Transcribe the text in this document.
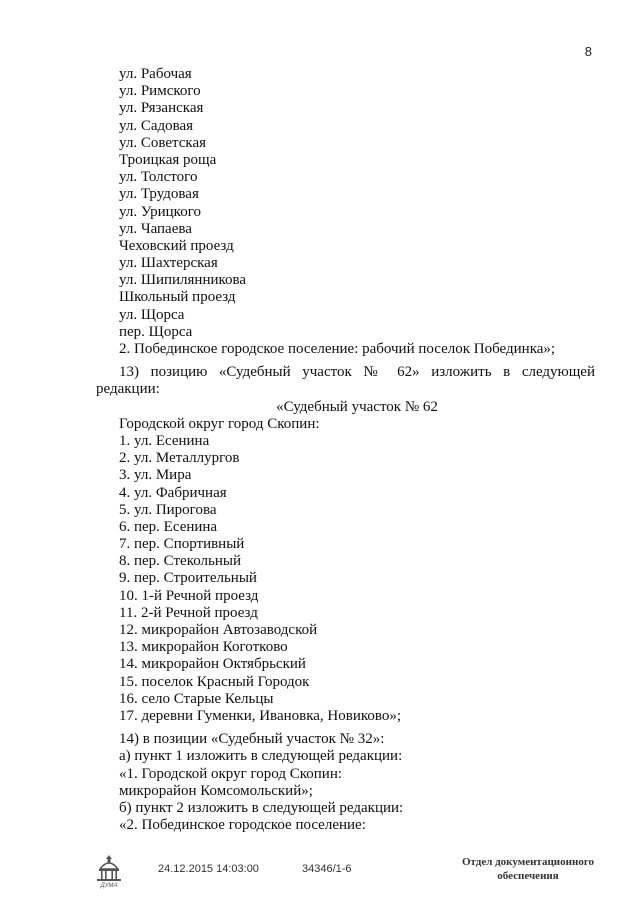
8
ул. Рабочая
ул. Римского
ул. Рязанская
ул. Садовая
ул. Советская
Троицкая роща
ул. Толстого
ул. Трудовая
ул. Урицкого
ул. Чапаева
Чеховский проезд
ул. Шахтерская
ул. Шипилянникова
Школьный проезд
ул. Щорса
пер. Щорса
2. Побединское городское поселение: рабочий поселок Побединка»;
13) позицию «Судебный участок № 62» изложить в следующей
редакции:
«Судебный участок № 62
Городской округ город Скопин:
1. ул. Есенина
2. ул. Металлургов
3. ул. Мира
4. ул. Фабричная
5. ул. Пирогова
6. пер. Есенина
7. пер. Спортивный
8. пер. Стекольный
9. пер. Строительный
10. 1-й Речной проезд
11. 2-й Речной проезд
12. микрорайон Автозаводской
13. микрорайон Коготково
14. микрорайон Октябрьский
15. поселок Красный Городок
16. село Старые Кельцы
17. деревни Гуменки, Ивановка, Новиково»;
14) в позиции «Судебный участок № 32»:
а) пункт 1 изложить в следующей редакции:
«1. Городской округ город Скопин:
микрорайон Комсомольский»;
б) пункт 2 изложить в следующей редакции:
«2. Побединское городское поселение:
ДУМА
24.12.2015 14:03:00	34346/1-6
Отдел документационного
обеспечения
